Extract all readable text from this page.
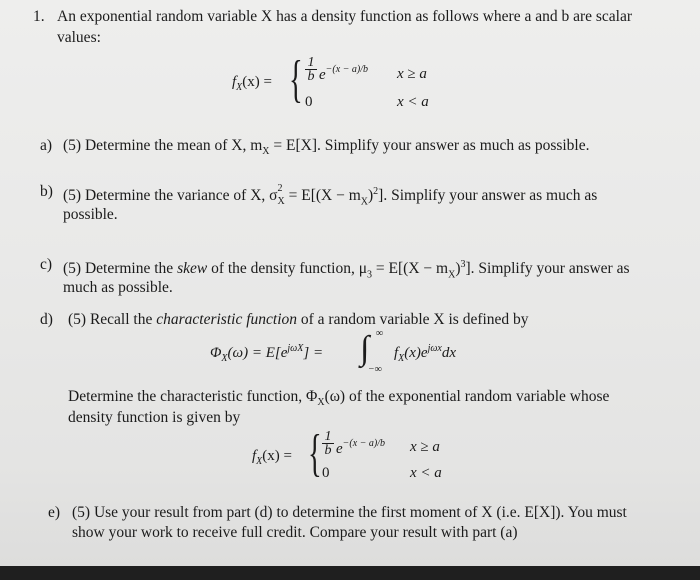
1. An exponential random variable X has a density function as follows where a and b are scalar
values:
$f_X(x)$ = { $\frac{1}{b} e^{-(x - a)/b}$
0
x ≥ a
x < a
a) (5) Determine the mean of X, $m_X = E[X]$. Simplify your answer as much as possible.
b) (5) Determine the variance of X, σ 2
$_X = E[(X - m_X)^2]$. Simplify your answer as much as
possible.
c) (5) Determine the skew of the density function, $\mu_3 = E[(X - m_X)^3]$. Simplify your answer as
much as possible.
d) (5) Recall the characteristic function of a random variable X is defined by
$\Phi_X(\omega) = E[e^{j\omega X}]$ = ∫ ∞
−∞
$f_X(x)e^{j\omega x}dx$
Determine the characteristic function, $\Phi_X(\omega)$ of the exponential random variable whose
density function is given by
$f_X(x)$ = { $\frac{1}{b} e^{-(x - a)/b}$
0
x ≥ a
x < a
e) (5) Use your result from part (d) to determine the first moment of X (i.e. E[X]). You must
show your work to receive full credit. Compare your result with part (a)
